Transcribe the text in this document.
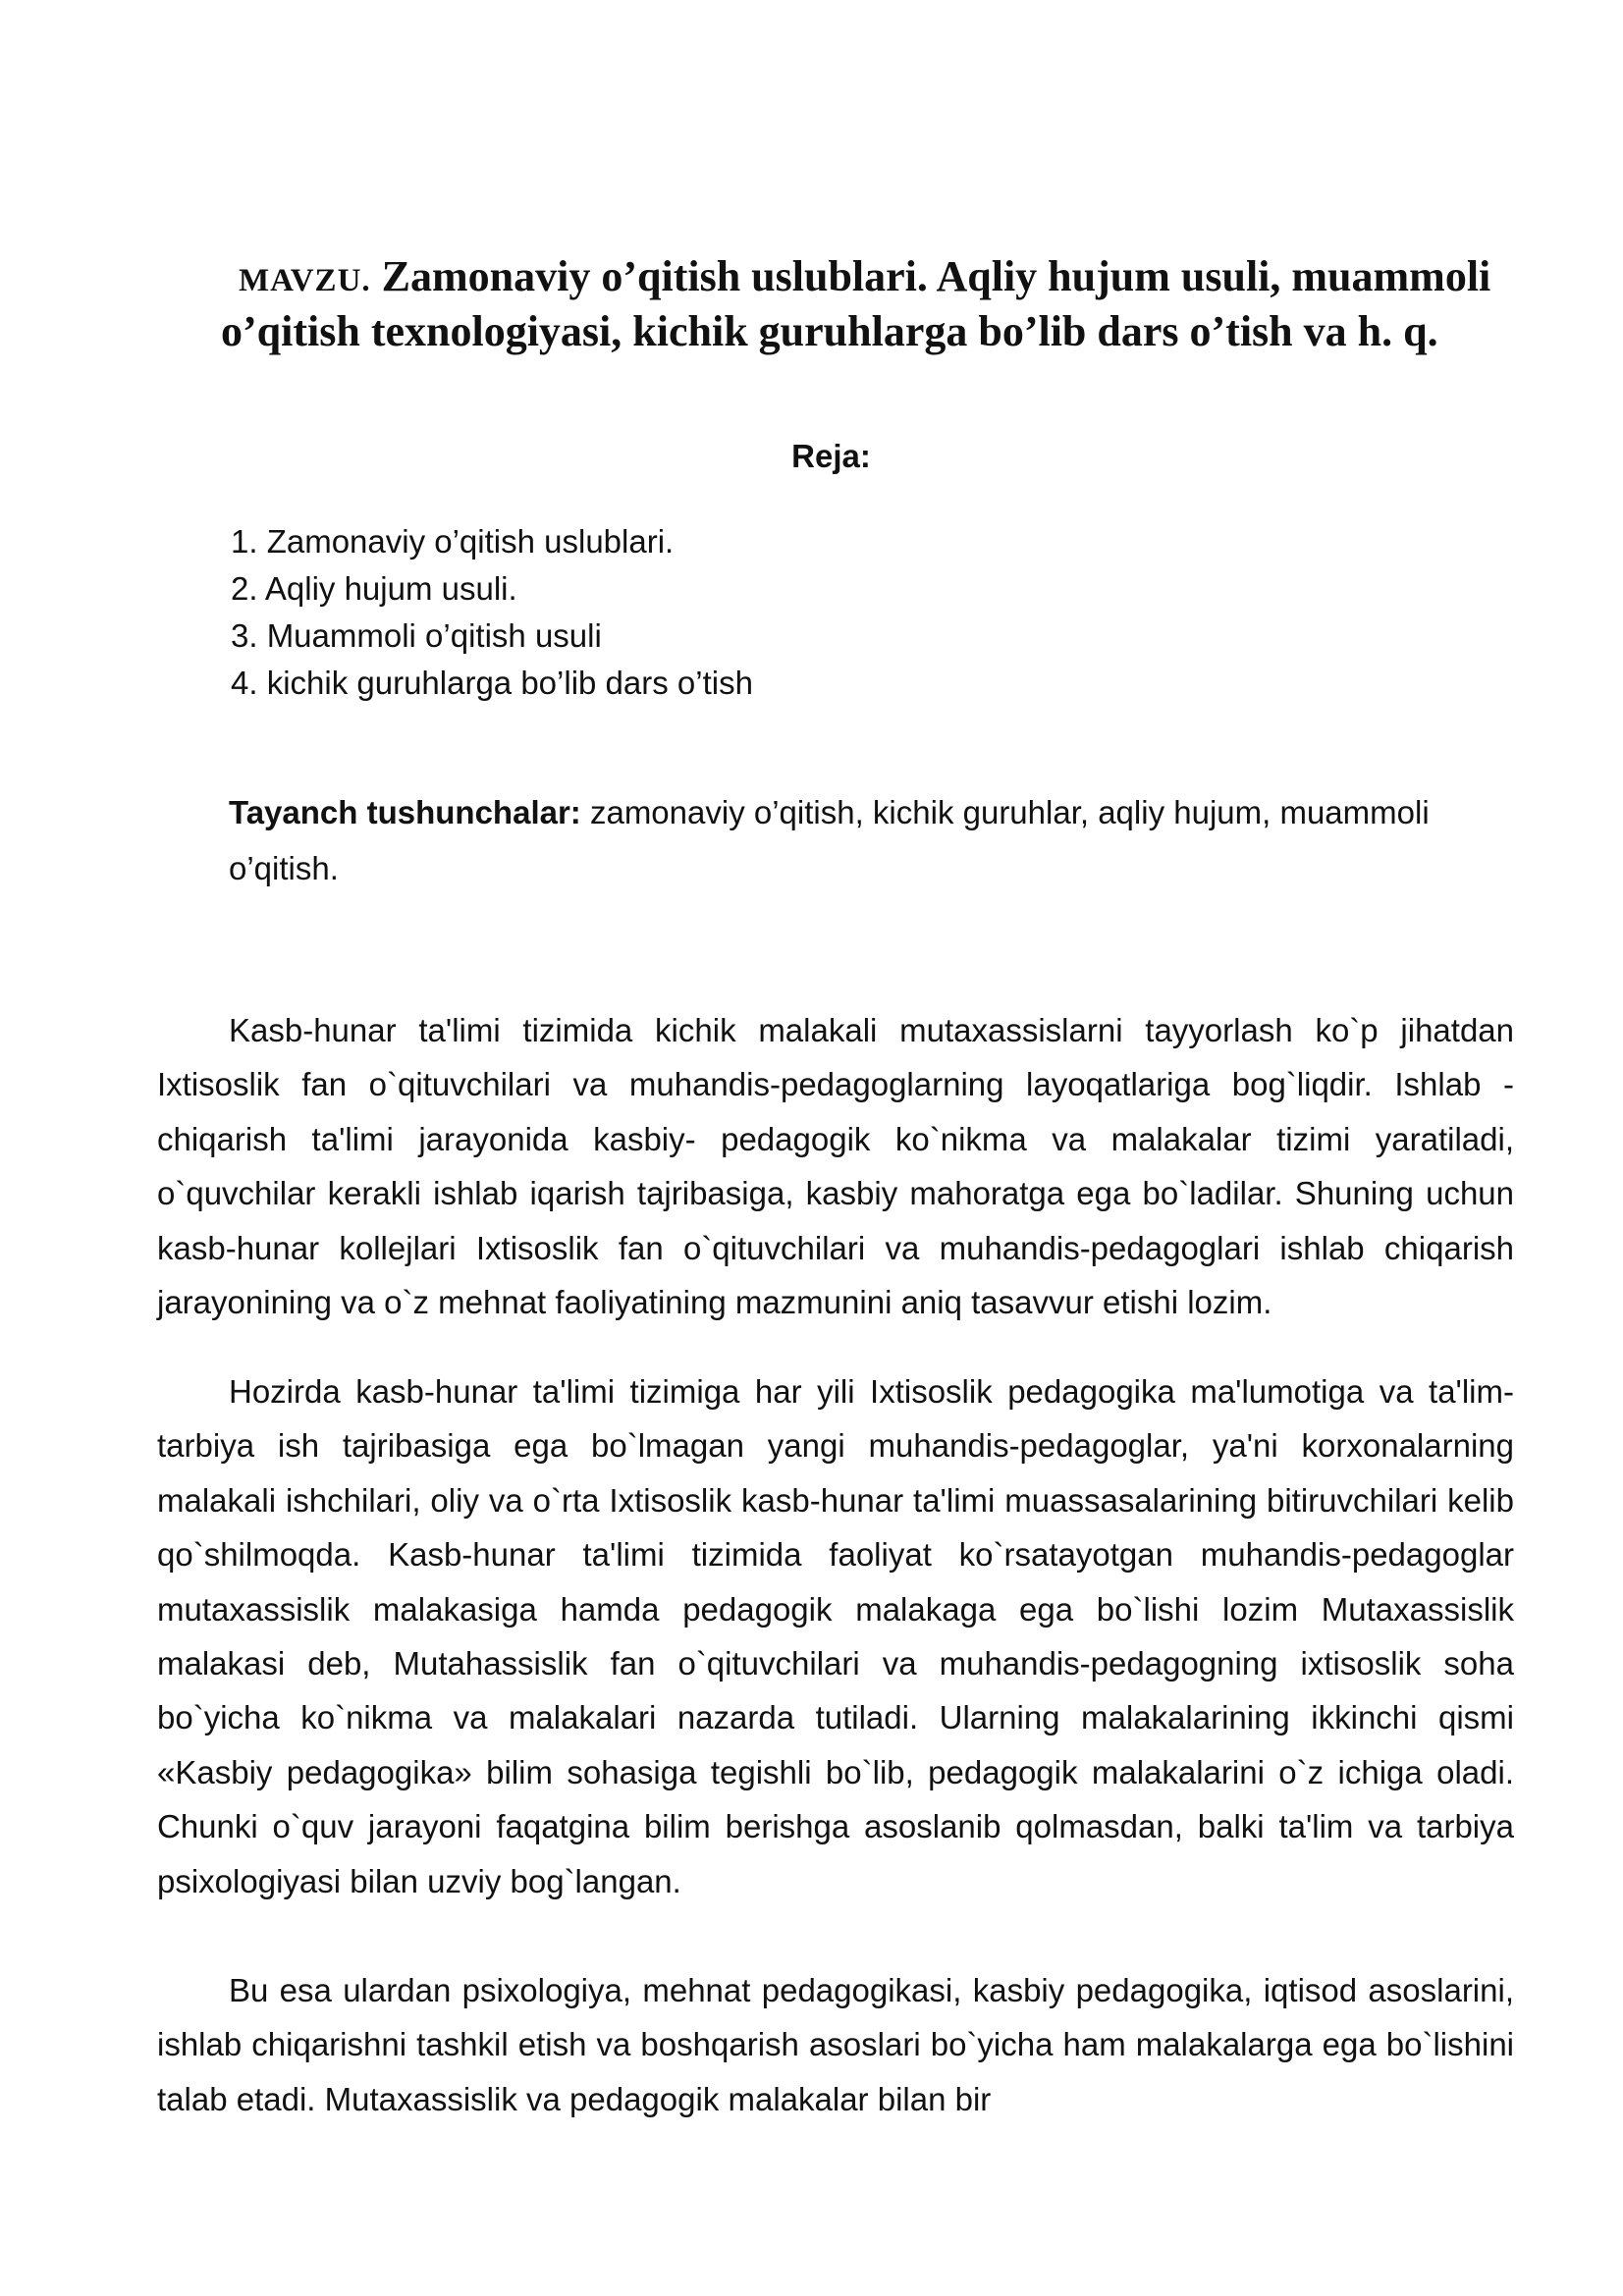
MAVZU. Zamonaviy o’qitish uslublari. Aqliy hujum usuli, muammoli o’qitish texnologiyasi, kichik guruhlarga bo’lib dars o’tish va h. q.
Reja:
1. Zamonaviy o’qitish uslublari.
2. Aqliy hujum usuli.
3. Muammoli o’qitish usuli
4. kichik guruhlarga bo’lib dars o’tish

Tayanch tushunchalar: zamonaviy o’qitish, kichik guruhlar, aqliy hujum, muammoli o’qitish.

Kasb-hunar ta'limi tizimida kichik malakali mutaxassislarni tayyorlash ko`p jihatdan Ixtisoslik fan o`qituvchilari va muhandis-pedagoglarning layoqatlariga bog`liqdir. Ishlab - chiqarish ta'limi jarayonida kasbiy- pedagogik ko`nikma va malakalar tizimi yaratiladi, o`quvchilar kerakli ishlab iqarish tajribasiga, kasbiy mahoratga ega bo`ladilar. Shuning uchun kasb-hunar kollejlari Ixtisoslik fan o`qituvchilari va muhandis-pedagoglari ishlab chiqarish jarayonining va o`z mehnat faoliyatining mazmunini aniq tasavvur etishi lozim.

Hozirda kasb-hunar ta'limi tizimiga har yili Ixtisoslik pedagogika ma'lumotiga va ta'lim-tarbiya ish tajribasiga ega bo`lmagan yangi muhandis-pedagoglar, ya'ni korxonalarning malakali ishchilari, oliy va o`rta Ixtisoslik kasb-hunar ta'limi muassasalarining bitiruvchilari kelib qo`shilmoqda. Kasb-hunar ta'limi tizimida faoliyat ko`rsatayotgan muhandis-pedagoglar mutaxassislik malakasiga hamda pedagogik malakaga ega bo`lishi lozim Mutaxassislik malakasi deb, Mutahassislik fan o`qituvchilari va muhandis-pedagogning ixtisoslik soha bo`yicha ko`nikma va malakalari nazarda tutiladi. Ularning malakalarining ikkinchi qismi «Kasbiy pedagogika» bilim sohasiga tegishli bo`lib, pedagogik malakalarini o`z ichiga oladi. Chunki o`quv jarayoni faqatgina bilim berishga asoslanib qolmasdan, balki ta'lim va tarbiya psixologiyasi bilan uzviy bog`langan.

Bu esa ulardan psixologiya, mehnat pedagogikasi, kasbiy pedagogika, iqtisod asoslarini, ishlab chiqarishni tashkil etish va boshqarish asoslari bo`yicha ham malakalarga ega bo`lishini talab etadi. Mutaxassislik va pedagogik malakalar bilan bir
